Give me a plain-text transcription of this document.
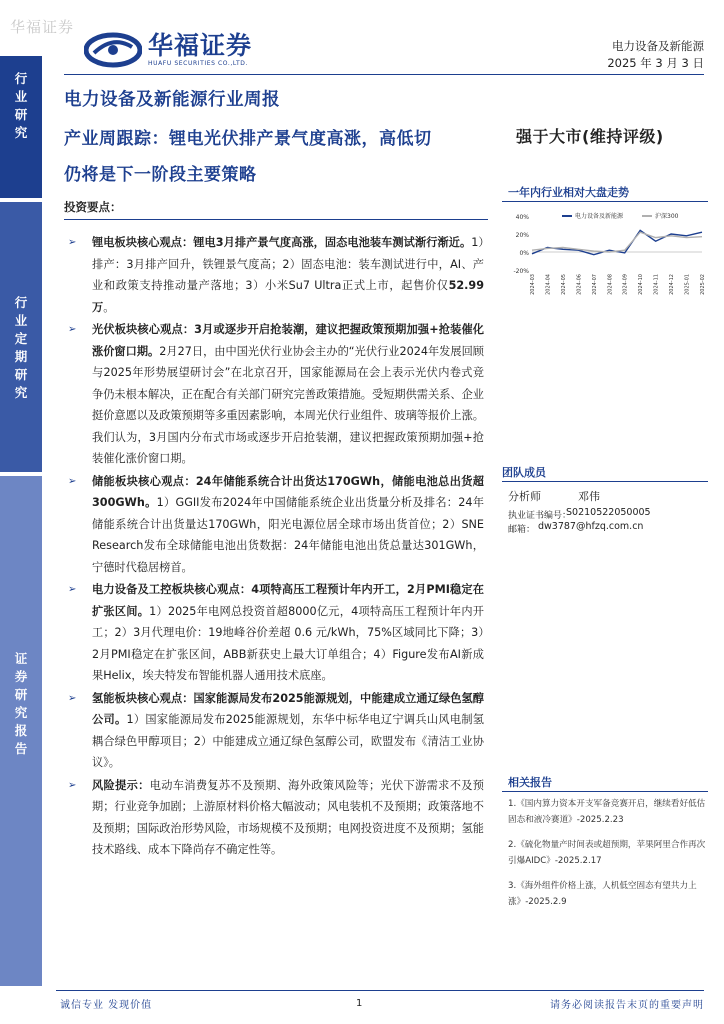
华福证券
华福证券
HUAFU SECURITIES CO.,LTD.
电力设备及新能源
2025 年 3 月 3 日
行
业
研
究
行
业
定
期
研
究
证
券
研
究
报
告
电力设备及新能源行业周报
产业周跟踪：锂电光伏排产景气度高涨，高低切
仍将是下一阶段主要策略
投资要点：
➢ 锂电板块核心观点：锂电3月排产景气度高涨，固态电池装车测试渐行渐近。1）排产：3月排产回升，铁锂景气度高；2）固态电池：装车测试进行中，AI、产业和政策支持推动量产落地；3）小米Su7 Ultra正式上市，起售价仅52.99万。
➢ 光伏板块核心观点：3月或逐步开启抢装潮，建议把握政策预期加强+抢装催化涨价窗口期。2月27日，由中国光伏行业协会主办的“光伏行业2024年发展回顾与2025年形势展望研讨会”在北京召开，国家能源局在会上表示光伏内卷式竞争仍未根本解决，正在配合有关部门研究完善政策措施。受短期供需关系、企业挺价意愿以及政策预期等多重因素影响，本周光伏行业组件、玻璃等报价上涨。我们认为，3月国内分布式市场或逐步开启抢装潮，建议把握政策预期加强+抢装催化涨价窗口期。
➢ 储能板块核心观点：24年储能系统合计出货达170GWh，储能电池总出货超300GWh。1）GGII发布2024年中国储能系统企业出货量分析及排名：24年储能系统合计出货量达170GWh，阳光电源位居全球市场出货首位；2）SNE Research发布全球储能电池出货数据：24年储能电池出货总量达301GWh，宁德时代稳居榜首。
➢ 电力设备及工控板块核心观点：4项特高压工程预计年内开工，2月PMI稳定在扩张区间。1）2025年电网总投资首超8000亿元，4项特高压工程预计年内开工；2）3月代理电价：19地峰谷价差超 0.6 元/kWh，75%区域同比下降；3）2月PMI稳定在扩张区间，ABB新获史上最大订单组合；4）Figure发布AI新成果Helix，埃夫特发布智能机器人通用技术底座。
➢ 氢能板块核心观点：国家能源局发布2025能源规划，中能建成立通辽绿色氢醇公司。1）国家能源局发布2025能源规划，东华中标华电辽宁调兵山风电制氢耦合绿色甲醇项目；2）中能建成立通辽绿色氢醇公司，欧盟发布《清洁工业协议》。
➢ 风险提示：电动车消费复苏不及预期、海外政策风险等；光伏下游需求不及预期；行业竞争加剧；上游原材料价格大幅波动；风电装机不及预期；政策落地不及预期；国际政治形势风险，市场规模不及预期；电网投资进度不及预期；氢能技术路线、成本下降尚存不确定性等。
强于大市(维持评级)
一年内行业相对大盘走势
40%
20%
0%
-20%
2024-03 2024-04 2024-05 2024-06 2024-07 2024-08 2024-09 2024-10 2024-11 2024-12 2025-01 2025-02
电力设备及新能源	沪深300
团队成员
分析师	邓伟
执业证书编号：
S0210522050005
邮箱： dw3787@hfzq.com.cn
相关报告
1.《国内算力资本开支军备竞赛开启，继续看好低估固态和液冷赛道》-2025.2.23
2.《硫化物量产时间表或超预期，苹果阿里合作再次引爆AIDC》-2025.2.17
3.《海外组件价格上涨，人机低空固态有望共力上涨》-2025.2.9
诚信专业 发现价值	1	请务必阅读报告末页的重要声明
